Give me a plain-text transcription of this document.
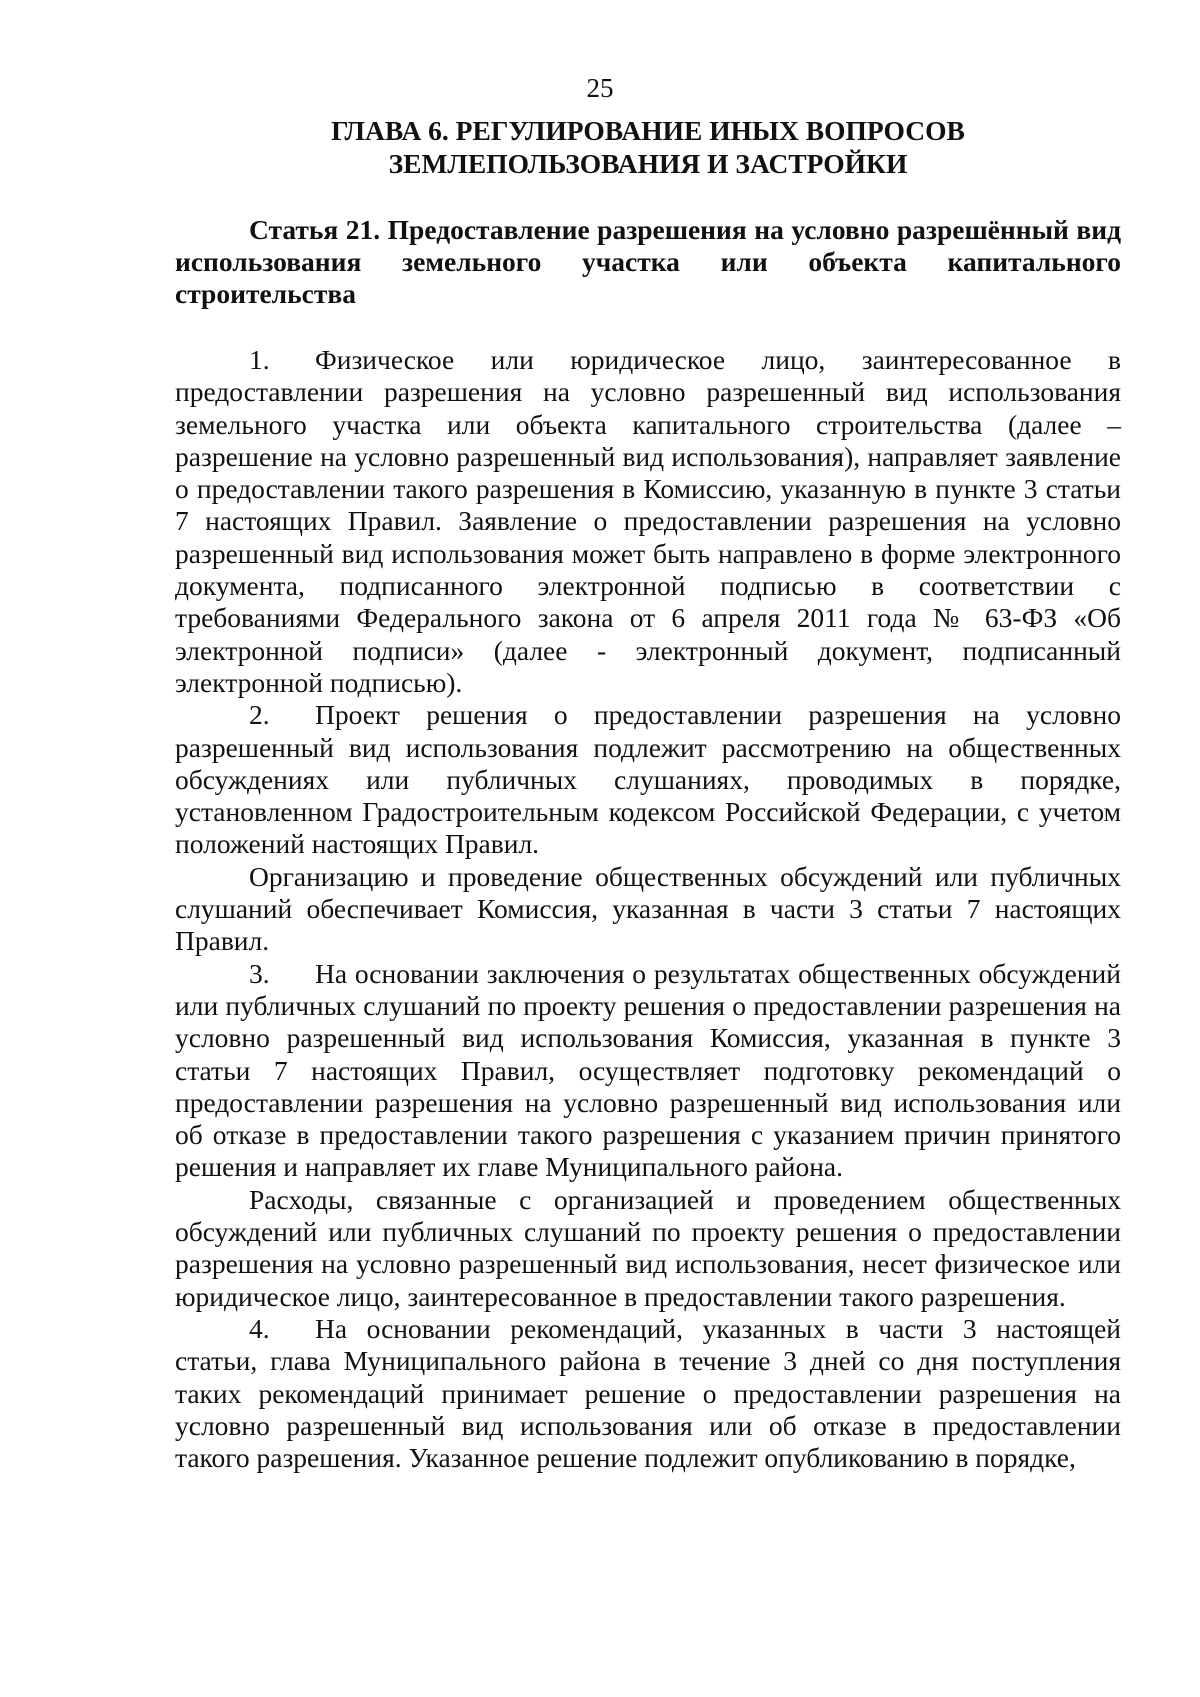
25
ГЛАВА 6. РЕГУЛИРОВАНИЕ ИНЫХ ВОПРОСОВ
ЗЕМЛЕПОЛЬЗОВАНИЯ И ЗАСТРОЙКИ

Статья 21. Предоставление разрешения на условно разрешённый вид использования земельного участка или объекта капитального строительства

1. Физическое или юридическое лицо, заинтересованное в предоставлении разрешения на условно разрешенный вид использования земельного участка или объекта капитального строительства (далее – разрешение на условно разрешенный вид использования), направляет заявление о предоставлении такого разрешения в Комиссию, указанную в пункте 3 статьи 7 настоящих Правил. Заявление о предоставлении разрешения на условно разрешенный вид использования может быть направлено в форме электронного документа, подписанного электронной подписью в соответствии с требованиями Федерального закона от 6 апреля 2011 года № 63-ФЗ «Об электронной подписи» (далее - электронный документ, подписанный электронной подписью).

2. Проект решения о предоставлении разрешения на условно разрешенный вид использования подлежит рассмотрению на общественных обсуждениях или публичных слушаниях, проводимых в порядке, установленном Градостроительным кодексом Российской Федерации, с учетом положений настоящих Правил.

Организацию и проведение общественных обсуждений или публичных слушаний обеспечивает Комиссия, указанная в части 3 статьи 7 настоящих Правил.

3. На основании заключения о результатах общественных обсуждений или публичных слушаний по проекту решения о предоставлении разрешения на условно разрешенный вид использования Комиссия, указанная в пункте 3 статьи 7 настоящих Правил, осуществляет подготовку рекомендаций о предоставлении разрешения на условно разрешенный вид использования или об отказе в предоставлении такого разрешения с указанием причин принятого решения и направляет их главе Муниципального района.

Расходы, связанные с организацией и проведением общественных обсуждений или публичных слушаний по проекту решения о предоставлении разрешения на условно разрешенный вид использования, несет физическое или юридическое лицо, заинтересованное в предоставлении такого разрешения.

4. На основании рекомендаций, указанных в части 3 настоящей статьи, глава Муниципального района в течение 3 дней со дня поступления таких рекомендаций принимает решение о предоставлении разрешения на условно разрешенный вид использования или об отказе в предоставлении такого разрешения. Указанное решение подлежит опубликованию в порядке,
